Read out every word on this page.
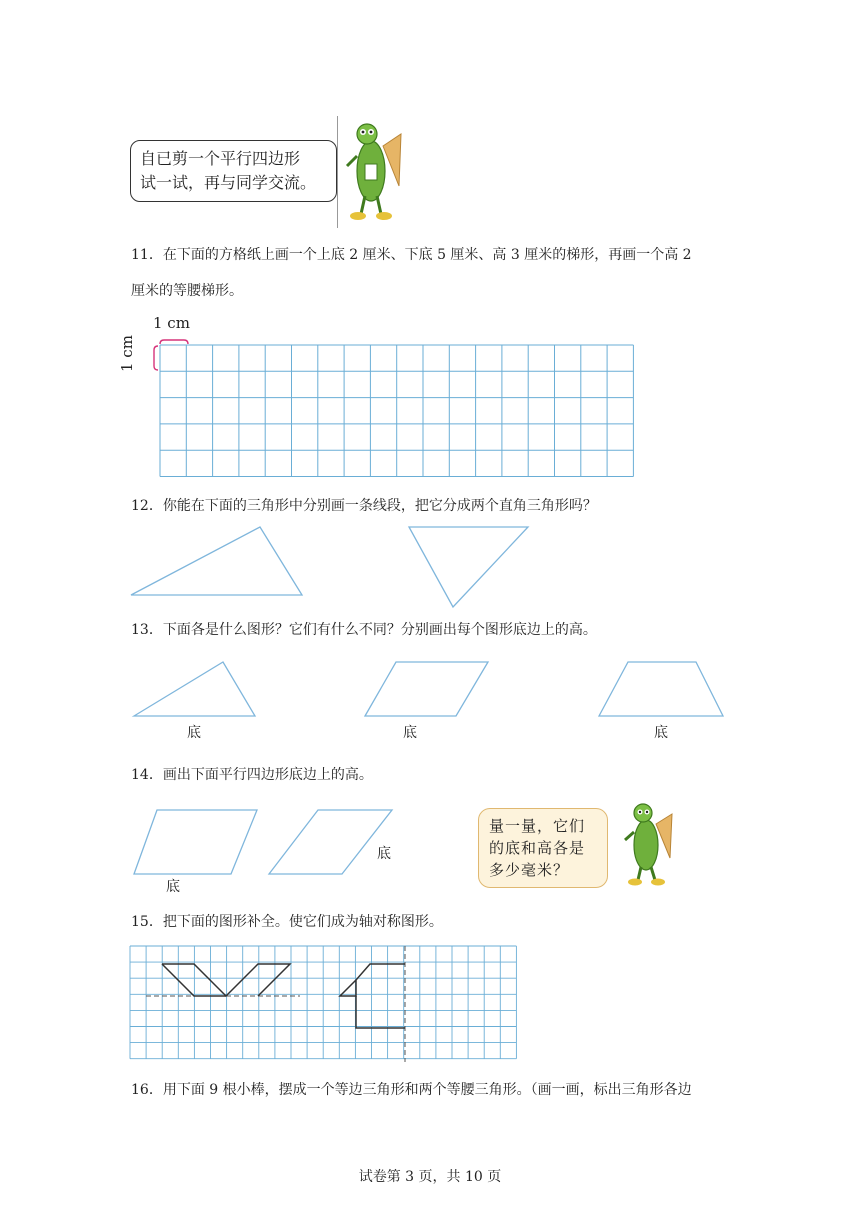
自已剪一个平行四边形
试一试，再与同学交流。
11．在下面的方格纸上画一个上底 2 厘米、下底 5 厘米、高 3 厘米的梯形，再画一个高 2
厘米的等腰梯形。
1 cm
1 cm
12．你能在下面的三角形中分别画一条线段，把它分成两个直角三角形吗？
13．下面各是什么图形？它们有什么不同？分别画出每个图形底边上的高。
底	底	底
14．画出下面平行四边形底边上的高。
底
底
量一量，它们
的底和高各是
多少毫米？
15．把下面的图形补全。使它们成为轴对称图形。
16．用下面 9 根小棒，摆成一个等边三角形和两个等腰三角形。（画一画，标出三角形各边
试卷第 3 页，共 10 页
